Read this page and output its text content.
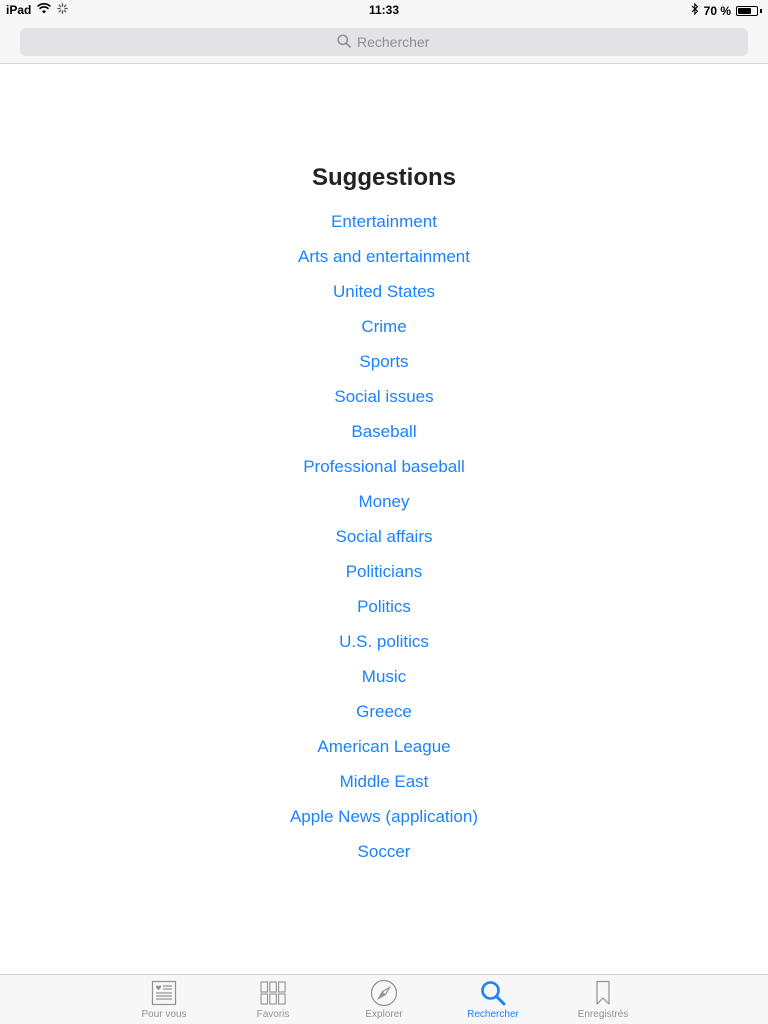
iPad	11:33	70 %
Rechercher
Suggestions
Entertainment
Arts and entertainment
United States
Crime
Sports
Social issues
Baseball
Professional baseball
Money
Social affairs
Politicians
Politics
U.S. politics
Music
Greece
American League
Middle East
Apple News (application)
Soccer
Pour vous	Favoris	Explorer	Rechercher	Enregistrés
